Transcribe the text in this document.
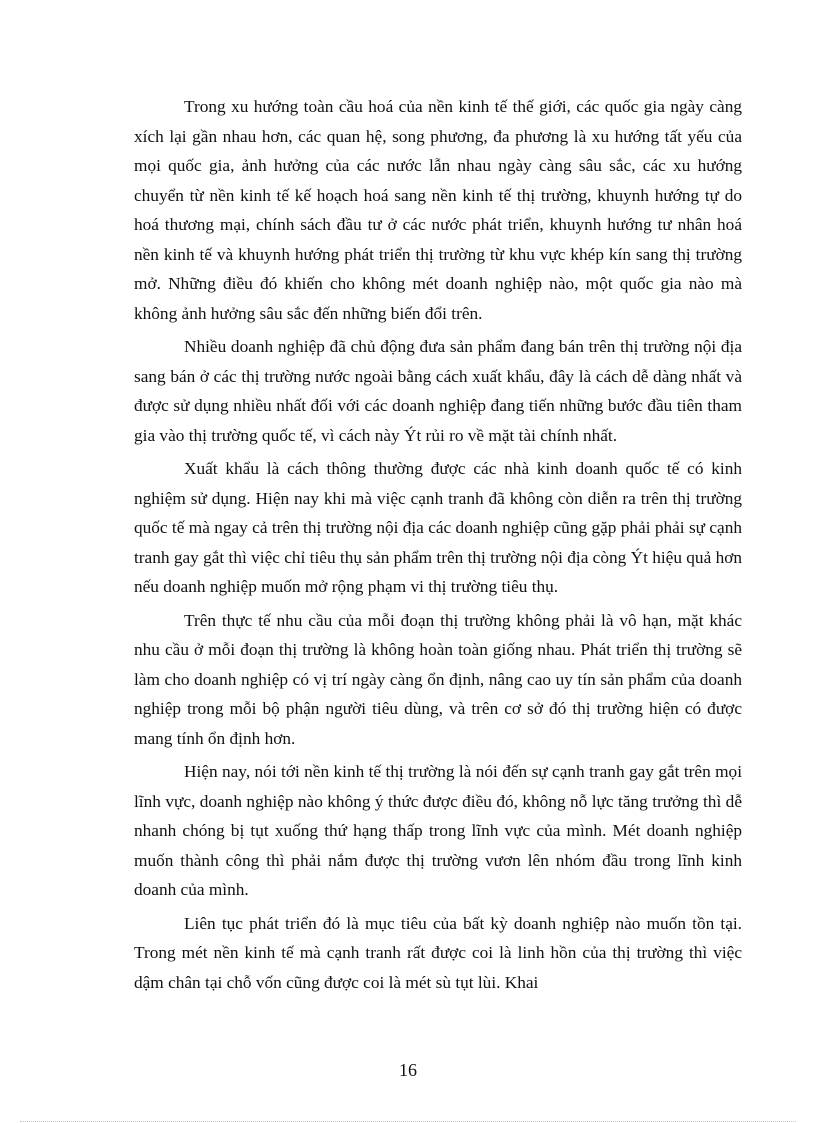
Trong xu hướng toàn cầu hoá của nền kinh tế thế giới, các quốc gia ngày càng xích lại gần nhau hơn, các quan hệ, song phương, đa phương là xu hướng tất yếu của mọi quốc gia, ảnh hưởng của các nước lẫn nhau ngày càng sâu sắc, các xu hướng chuyển từ nền kinh tế kế hoạch hoá sang nền kinh tế thị trường, khuynh hướng tự do hoá thương mại, chính sách đầu tư ở các nước phát triển, khuynh hướng tư nhân hoá nền kinh tế và khuynh hướng phát triển thị trường từ khu vực khép kín sang thị trường mở. Những điều đó khiến cho không mét doanh nghiệp nào, một quốc gia nào mà không ảnh hưởng sâu sắc đến những biến đổi trên.

Nhiều doanh nghiệp đã chủ động đưa sản phẩm đang bán trên thị trường nội địa sang bán ở các thị trường nước ngoài bằng cách xuất khẩu, đây là cách dễ dàng nhất và được sử dụng nhiều nhất đối với các doanh nghiệp đang tiến những bước đầu tiên tham gia vào thị trường quốc tế, vì cách này Ýt rủi ro về mặt tài chính nhất.

Xuất khẩu là cách thông thường được các nhà kinh doanh quốc tế có kinh nghiệm sử dụng. Hiện nay khi mà việc cạnh tranh đã không còn diễn ra trên thị trường quốc tế mà ngay cả trên thị trường nội địa các doanh nghiệp cũng gặp phải phải sự cạnh tranh gay gắt thì việc chỉ tiêu thụ sản phẩm trên thị trường nội địa còng Ýt hiệu quả hơn nếu doanh nghiệp muốn mở rộng phạm vi thị trường tiêu thụ.

Trên thực tế nhu cầu của mỗi đoạn thị trường không phải là vô hạn, mặt khác nhu cầu ở mỗi đoạn thị trường là không hoàn toàn giống nhau. Phát triển thị trường sẽ làm cho doanh nghiệp có vị trí ngày càng ổn định, nâng cao uy tín sản phẩm của doanh nghiệp trong mỗi bộ phận người tiêu dùng, và trên cơ sở đó thị trường hiện có được mang tính ổn định hơn.

Hiện nay, nói tới nền kinh tế thị trường là nói đến sự cạnh tranh gay gắt trên mọi lĩnh vực, doanh nghiệp nào không ý thức được điều đó, không nỗ lực tăng trưởng thì dễ nhanh chóng bị tụt xuống thứ hạng thấp trong lĩnh vực của mình. Mét doanh nghiệp muốn thành công thì phải nắm được thị trường vươn lên nhóm đầu trong lĩnh kinh doanh của mình.

Liên tục phát triển đó là mục tiêu của bất kỳ doanh nghiệp nào muốn tồn tại. Trong mét nền kinh tế mà cạnh tranh rất được coi là linh hồn của thị trường thì việc dậm chân tại chỗ vốn cũng được coi là mét sù tụt lùi. Khai

16
